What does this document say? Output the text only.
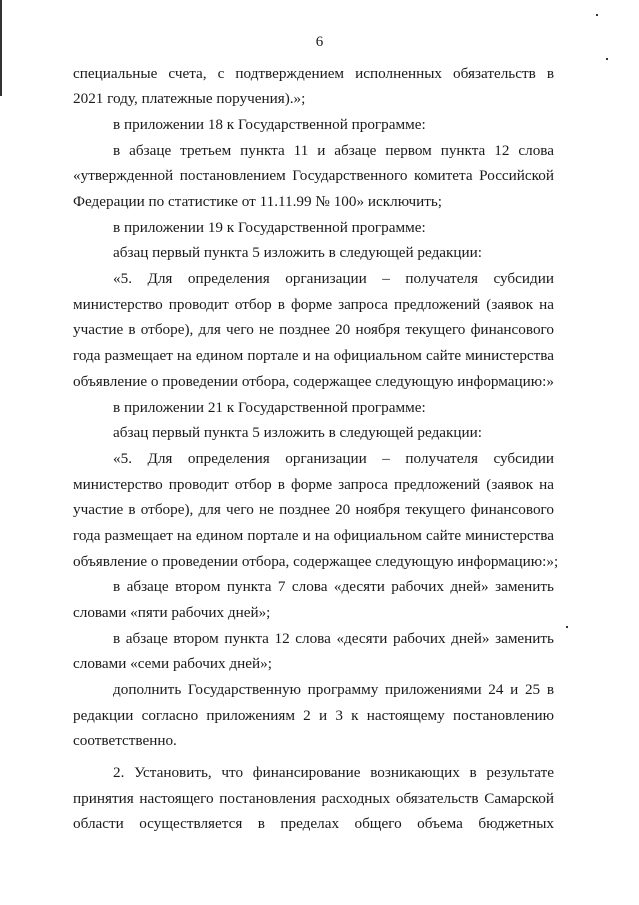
6
специальные счета, с подтверждением исполненных обязательств в
2021 году, платежные поручения).»;
в приложении 18 к Государственной программе:
в абзаце третьем пункта 11 и абзаце первом пункта 12 слова
«утвержденной постановлением Государственного комитета Российской
Федерации по статистике от 11.11.99 № 100» исключить;
в приложении 19 к Государственной программе:
абзац первый пункта 5 изложить в следующей редакции:
«5. Для определения организации – получателя субсидии
министерство проводит отбор в форме запроса предложений (заявок на
участие в отборе), для чего не позднее 20 ноября текущего финансового
года размещает на едином портале и на официальном сайте министерства
объявление о проведении отбора, содержащее следующую информацию:»
в приложении 21 к Государственной программе:
абзац первый пункта 5 изложить в следующей редакции:
«5. Для определения организации – получателя субсидии
министерство проводит отбор в форме запроса предложений (заявок на
участие в отборе), для чего не позднее 20 ноября текущего финансового
года размещает на едином портале и на официальном сайте министерства
объявление о проведении отбора, содержащее следующую информацию:»;
в абзаце втором пункта 7 слова «десяти рабочих дней» заменить
словами «пяти рабочих дней»;
в абзаце втором пункта 12 слова «десяти рабочих дней» заменить
словами «семи рабочих дней»;
дополнить Государственную программу приложениями 24 и 25 в
редакции согласно приложениям 2 и 3 к настоящему постановлению
соответственно.
2. Установить, что финансирование возникающих в результате
принятия настоящего постановления расходных обязательств Самарской
области осуществляется в пределах общего объема бюджетных
